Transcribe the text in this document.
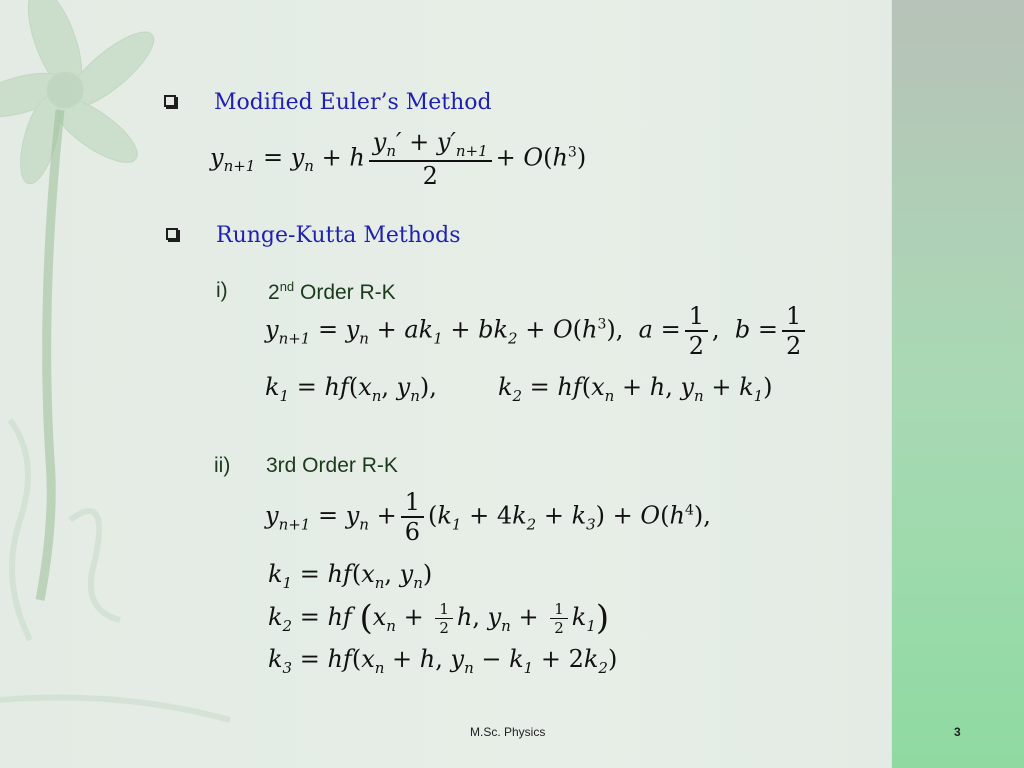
Modified Euler’s Method
$y_{n+1} = y_n + h \frac{y_n' + y'_{n+1}}{2} + O(h^3)$
Runge-Kutta Methods
i) 2nd Order R-K
$y_{n+1} = y_n + ak_1 + bk_2 + O(h^3)$,  $a = \frac{1}{2}$ ,  $b = \frac{1}{2}$
$k_1 = hf(x_n$, $y_n$),        $k_2 = hf(x_n + h$, $y_n + k_1$)
ii) 3rd Order R-K
$y_{n+1} = y_n + \frac{1}{6} (k_1 + 4k_2 + k_3) + O(h^4)$,
$k_1 = hf(x_n$, $y_n$)
$k_2$ = hf ($x_n + \frac{1}{2} h$, $y_n + \frac{1}{2} k_1$)
$k_3 = hf(x_n + h$, $y_n - k_1 + 2k_2$)
M.Sc. Physics	3
